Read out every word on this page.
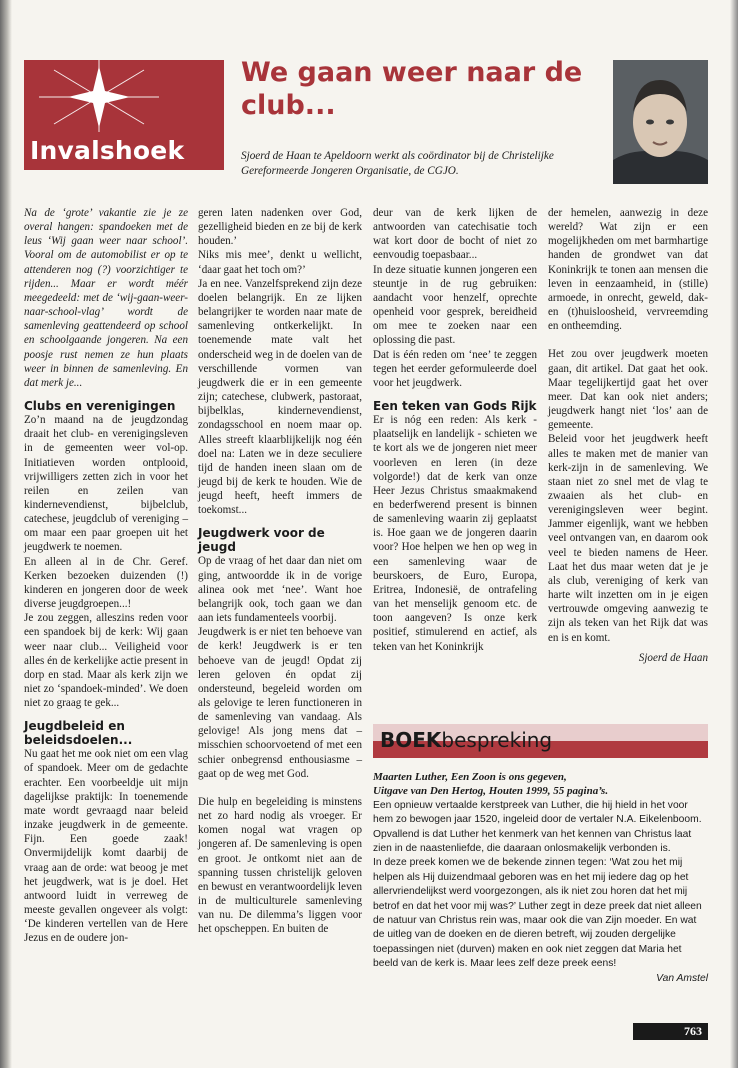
Invalshoek
We gaan weer naar de club...
Sjoerd de Haan te Apeldoorn werkt als coördinator bij de Christelijke Gereformeerde Jongeren Organisatie, de CGJO.

Na de ‘grote’ vakantie zie je ze overal hangen: spandoeken met de leus ‘Wij gaan weer naar school’. Vooral om de automobilist er op te attenderen nog (?) voorzichtiger te rijden... Maar er wordt méér meegedeeld: met de ‘wij-gaan-weer-naar-school-vlag’ wordt de samenleving geattendeerd op school en schoolgaande jongeren. Na een poosje rust nemen ze hun plaats weer in binnen de samenleving. En dat merk je...

Clubs en verenigingen

Zo’n maand na de jeugdzondag draait het club- en verenigingsleven in de gemeenten weer vol-op. Initiatieven worden ontplooid, vrijwilligers zetten zich in voor het reilen en zeilen van kindernevendienst, bijbelclub, catechese, jeugdclub of vereniging – om maar een paar groepen uit het jeugdwerk te noemen.

En alleen al in de Chr. Geref. Kerken bezoeken duizenden (!) kinderen en jongeren door de week diverse jeugdgroepen...!

Je zou zeggen, alleszins reden voor een spandoek bij de kerk: Wij gaan weer naar club... Veiligheid voor alles én de kerkelijke actie present in dorp en stad. Maar als kerk zijn we niet zo ‘spandoek-minded’. We doen niet zo graag te gek...

Jeugdbeleid en beleidsdoelen...

Nu gaat het me ook niet om een vlag of spandoek. Meer om de gedachte erachter. Een voorbeeldje uit mijn dagelijkse praktijk: In toenemende mate wordt gevraagd naar beleid inzake jeugdwerk in de gemeente. Fijn. Een goede zaak! Onvermijdelijk komt daarbij de vraag aan de orde: wat beoog je met het jeugdwerk, wat is je doel. Het antwoord luidt in verreweg de meeste gevallen ongeveer als volgt: ‘De kinderen vertellen van de Here Jezus en de oudere jon-

geren laten nadenken over God, gezelligheid bieden en ze bij de kerk houden.’

Niks mis mee’, denkt u wellicht, ‘daar gaat het toch om?’

Ja en nee. Vanzelfsprekend zijn deze doelen belangrijk. En ze lijken belangrijker te worden naar mate de samenleving ontkerkelijkt. In toenemende mate valt het onderscheid weg in de doelen van de verschillende vormen van jeugdwerk die er in een gemeente zijn; catechese, clubwerk, pastoraat, bijbelklas, kindernevendienst, zondagsschool en noem maar op. Alles streeft klaarblijkelijk nog één doel na: Laten we in deze seculiere tijd de handen ineen slaan om de jeugd bij de kerk te houden. Wie de jeugd heeft, heeft immers de toekomst...

Jeugdwerk voor de jeugd

Op de vraag of het daar dan niet om ging, antwoordde ik in de vorige alinea ook met ‘nee’. Want hoe belangrijk ook, toch gaan we dan aan iets fundamenteels voorbij.

Jeugdwerk is er niet ten behoeve van de kerk! Jeugdwerk is er ten behoeve van de jeugd! Opdat zij leren geloven én opdat zij ondersteund, begeleid worden om als gelovige te leren functioneren in de samenleving van vandaag. Als gelovige! Als jong mens dat – misschien schoorvoetend of met een schier onbegrensd enthousiasme – gaat op de weg met God.

Die hulp en begeleiding is minstens net zo hard nodig als vroeger. Er komen nogal wat vragen op jongeren af. De samenleving is open en groot. Je ontkomt niet aan de spanning tussen christelijk geloven en bewust en verantwoordelijk leven in de multiculturele samenleving van nu. De dilemma’s liggen voor het opscheppen. En buiten de

deur van de kerk lijken de antwoorden van catechisatie toch wat kort door de bocht of niet zo eenvoudig toepasbaar...

In deze situatie kunnen jongeren een steuntje in de rug gebruiken: aandacht voor henzelf, oprechte openheid voor gesprek, bereidheid om mee te zoeken naar een oplossing die past.

Dat is één reden om ‘nee’ te zeggen tegen het eerder geformuleerde doel voor het jeugdwerk.

Een teken van Gods Rijk

Er is nóg een reden: Als kerk - plaatselijk en landelijk - schieten we te kort als we de jongeren niet meer voorleven en leren (in deze volgorde!) dat de kerk van onze Heer Jezus Christus smaakmakend en bederfwerend present is binnen de samenleving waarin zij geplaatst is. Hoe gaan we de jongeren daarin voor? Hoe helpen we hen op weg in een samenleving waar de beurskoers, de Euro, Europa, Eritrea, Indonesië, de ontrafeling van het menselijk genoom etc. de toon aangeven? Is onze kerk positief, stimulerend en actief, als teken van het Koninkrijk

der hemelen, aanwezig in deze wereld? Wat zijn er een mogelijkheden om met barmhartige handen de grondwet van dat Koninkrijk te tonen aan mensen die leven in eenzaamheid, in (stille) armoede, in onrecht, geweld, dak- en (t)huisloosheid, vervreemding en ontheemding.

Het zou over jeugdwerk moeten gaan, dit artikel. Dat gaat het ook. Maar tegelijkertijd gaat het over meer. Dat kan ook niet anders; jeugdwerk hangt niet ‘los’ aan de gemeente.

Beleid voor het jeugdwerk heeft alles te maken met de manier van kerk-zijn in de samenleving. We staan niet zo snel met de vlag te zwaaien als het club- en verenigingsleven weer begint. Jammer eigenlijk, want we hebben veel ontvangen van, en daarom ook veel te bieden namens de Heer. Laat het dus maar weten dat je je als club, vereniging of kerk van harte wilt inzetten om in je eigen vertrouwde omgeving aanwezig te zijn als teken van het Rijk dat was en is en komt.

Sjoerd de Haan

BOEKbespreking

Maarten Luther, Een Zoon is ons gegeven,

Uitgave van Den Hertog, Houten 1999, 55 pagina’s.

Een opnieuw vertaalde kerstpreek van Luther, die hij hield in het voor hem zo bewogen jaar 1520, ingeleid door de vertaler N.A. Eikelenboom. Opvallend is dat Luther het kenmerk van het kennen van Christus laat zien in de naastenliefde, die daaraan onlosmakelijk verbonden is.

In deze preek komen we de bekende zinnen tegen: ‘Wat zou het mij helpen als Hij duizendmaal geboren was en het mij iedere dag op het allervriendelijkst werd voorgezongen, als ik niet zou horen dat het mij betrof en dat het voor mij was?’ Luther zegt in deze preek dat niet alleen de natuur van Christus rein was, maar ook die van Zijn moeder. En wat de uitleg van de doeken en de dieren betreft, wij zouden dergelijke toepassingen niet (durven) maken en ook niet zeggen dat Maria het beeld van de kerk is. Maar lees zelf deze preek eens!

Van Amstel

763
